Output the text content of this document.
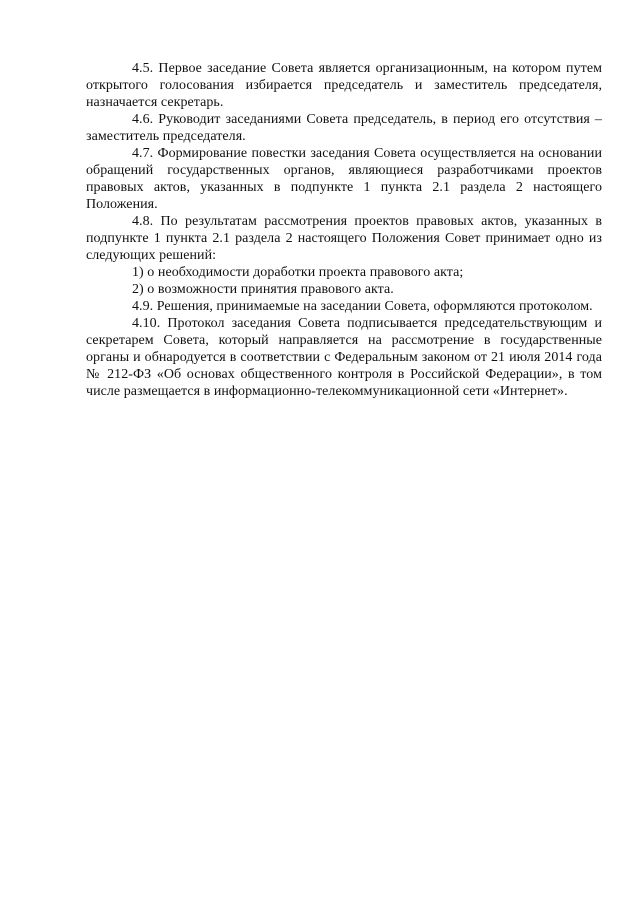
4.5. Первое заседание Совета является организационным, на котором путем открытого голосования избирается председатель и заместитель председателя, назначается секретарь.

4.6. Руководит заседаниями Совета председатель, в период его отсутствия – заместитель председателя.

4.7. Формирование повестки заседания Совета осуществляется на основании обращений государственных органов, являющиеся разработчиками проектов правовых актов, указанных в подпункте 1 пункта 2.1 раздела 2 настоящего Положения.

4.8. По результатам рассмотрения проектов правовых актов, указанных в подпункте 1 пункта 2.1 раздела 2 настоящего Положения Совет принимает одно из следующих решений:

1) о необходимости доработки проекта правового акта;

2) о возможности принятия правового акта.

4.9. Решения, принимаемые на заседании Совета, оформляются протоколом.

4.10. Протокол заседания Совета подписывается председательствующим и секретарем Совета, который направляется на рассмотрение в государственные органы и обнародуется в соответствии с Федеральным законом от 21 июля 2014 года № 212-ФЗ «Об основах общественного контроля в Российской Федерации», в том числе размещается в информационно-телекоммуникационной сети «Интернет».
